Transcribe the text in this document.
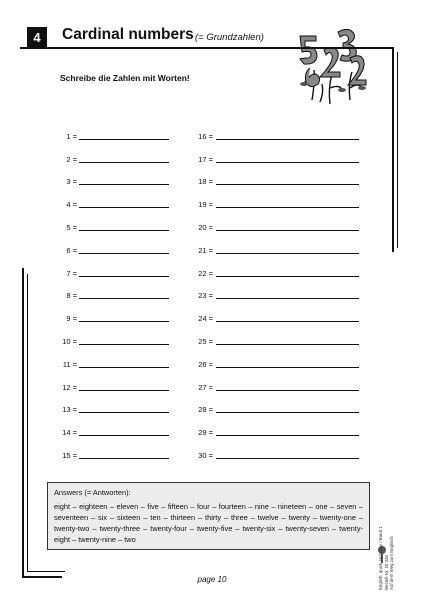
4	Cardinal numbers (= Grundzahlen)
Schreibe die Zahlen mit Worten!
1 =
2 =
3 =
4 =
5 =
6 =
7 =
8 =
9 =
10 =
11 =
12 =
13 =
14 =
15 =
16 =
17 =
18 =
19 =
20 =
21 =
22 =
23 =
24 =
25 =
26 =
27 =
28 =
29 =
30 =
Answers (= Antworten):
eight – eighteen – eleven – five – fifteen – four – fourteen – nine – nineteen – one – seven – seventeen – six – sixteen – ten – thirteen – thirty – three – twelve – twenty – twenty-one – twenty-two – twenty-three – twenty-four – twenty-five – twenty-six – twenty-seven – twenty-eight – twenty-nine – two	English: quick and easy / Band 1 Bestell-Nr. 10 335 Auf dem Weg zum Englisch
page 10
